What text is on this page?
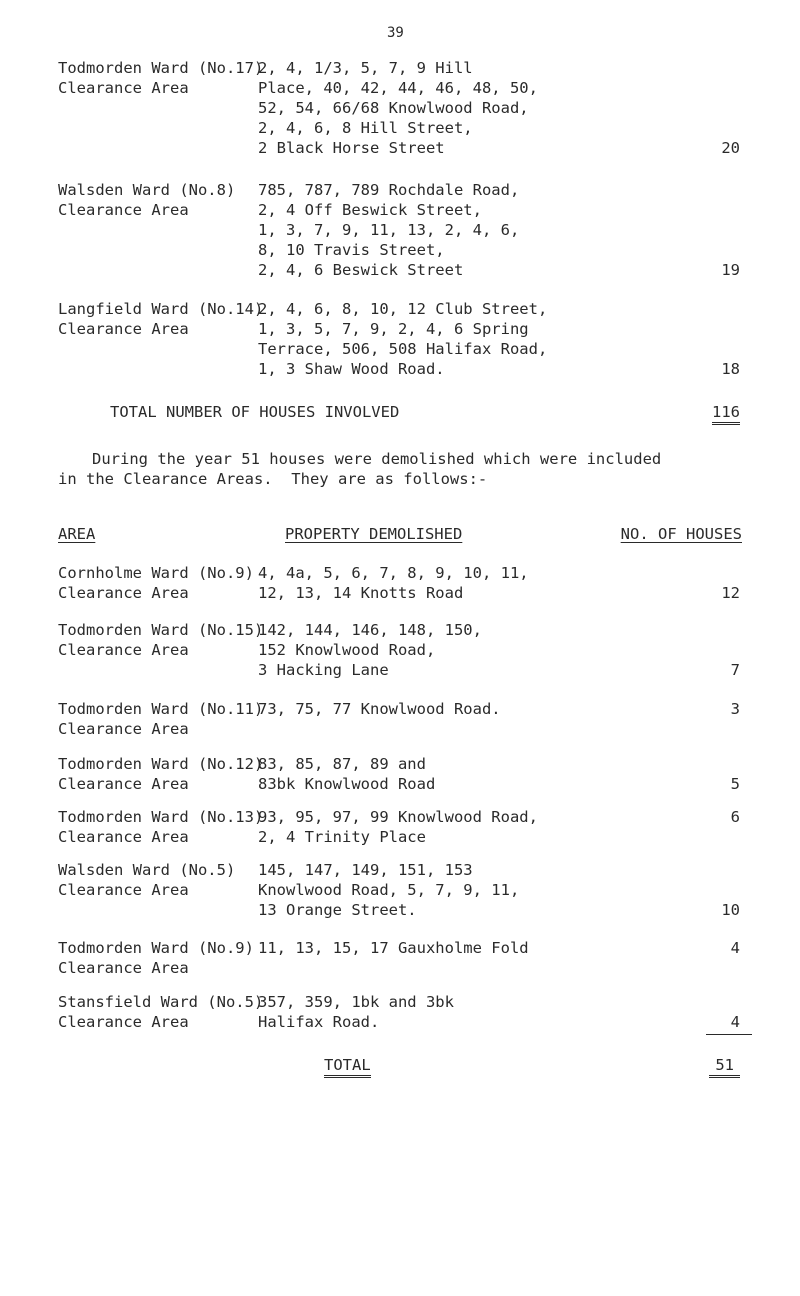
39
Todmorden Ward (No.17)
Clearance Area
2, 4, 1/3, 5, 7, 9 Hill
Place, 40, 42, 44, 46, 48, 50,
52, 54, 66/68 Knowlwood Road,
2, 4, 6, 8 Hill Street,
2 Black Horse Street	20
Walsden Ward (No.8)
Clearance Area
785, 787, 789 Rochdale Road,
2, 4 Off Beswick Street,
1, 3, 7, 9, 11, 13, 2, 4, 6,
8, 10 Travis Street,
2, 4, 6 Beswick Street	19
Langfield Ward (No.14)
Clearance Area
2, 4, 6, 8, 10, 12 Club Street,
1, 3, 5, 7, 9, 2, 4, 6 Spring
Terrace, 506, 508 Halifax Road,
1, 3 Shaw Wood Road.	18
TOTAL NUMBER OF HOUSES INVOLVED	116
During the year 51 houses were demolished which were included
in the Clearance Areas.  They are as follows:-
AREA	PROPERTY DEMOLISHED	NO. OF HOUSES
Cornholme Ward (No.9)
Clearance Area
4, 4a, 5, 6, 7, 8, 9, 10, 11,
12, 13, 14 Knotts Road	12
Todmorden Ward (No.15)
Clearance Area
142, 144, 146, 148, 150,
152 Knowlwood Road,
3 Hacking Lane	7
Todmorden Ward (No.11)
Clearance Area
73, 75, 77 Knowlwood Road.	3
Todmorden Ward (No.12)
Clearance Area
83, 85, 87, 89 and
83bk Knowlwood Road	5
Todmorden Ward (No.13)
Clearance Area
93, 95, 97, 99 Knowlwood Road,
2, 4 Trinity Place
6
Walsden Ward (No.5)
Clearance Area
145, 147, 149, 151, 153
Knowlwood Road, 5, 7, 9, 11,
13 Orange Street.	10
Todmorden Ward (No.9)
Clearance Area
11, 13, 15, 17 Gauxholme Fold	4
Stansfield Ward (No.5)
Clearance Area
357, 359, 1bk and 3bk
Halifax Road.	4
TOTAL	51
